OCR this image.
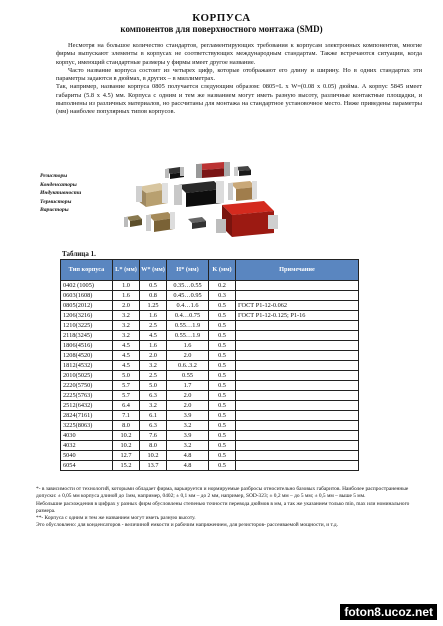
КОРПУСА
компонентов для поверхностного монтажа (SMD)

Несмотря на большое количество стандартов, регламентирующих требования к корпусам электронных компонентов, многие фирмы выпускают элементы в корпусах не соответствующих международным стандартам. Также встречаются ситуации, когда корпус, имеющий стандартные размеры у фирмы имеет другое название.

Часто название корпуса состоит из четырех цифр, которые отображают его длину и ширину. Но в одних стандартах эти параметры задаются в дюймах, в других – в миллиметрах.

Так, например, название корпуса 0805 получается следующим образом: 0805=L x W=(0.08 x 0.05) дюйма. А корпус 5845 имеет габариты (5.8 x 4.5) мм. Корпуса с одним и тем же названием могут иметь разную высоту, различные контактные площадки, и выполнены из различных материалов, но рассчитаны для монтажа на стандартное установочное место. Ниже приведены параметры (мм) наиболее популярных типов корпусов.

Резисторы
Конденсаторы
Индуктивности
Термисторы
Варисторы
Таблица 1.
Тип корпуса	L* (мм)	W* (мм)	H* (мм)	K (мм)	Примечание
0402 (1005)	1.0	0.5	0.35…0.55	0.2	
0603(1608)	1.6	0.8	0.45…0.95	0.3	
0805(2012)	2.0	1.25	0.4…1.6	0.5	ГОСТ Р1-12-0.062
1206(3216)	3.2	1.6	0.4…0.75	0.5	ГОСТ Р1-12-0.125; Р1-16
1210(3225)	3.2	2.5	0.55…1.9	0.5	
2118(3245)	3.2	4.5	0.55…1.9	0.5	
1806(4516)	4.5	1.6	1.6	0.5	
1208(4520)	4.5	2.0	2.0	0.5	
1812(4532)	4.5	3.2	0.6..3.2	0.5	
2010(5025)	5.0	2.5	0.55	0.5	
2220(5750)	5.7	5.0	1.7	0.5	
2225(5763)	5.7	6.3	2.0	0.5	
2512(6432)	6.4	3.2	2.0	0.5	
2824(7161)	7.1	6.1	3.9	0.5	
3225(8063)	8.0	6.3	3.2	0.5	
4030	10.2	7.6	3.9	0.5	
4032	10.2	8.0	3.2	0.5	
5040	12.7	10.2	4.8	0.5	
6054	15.2	13.7	4.8	0.5	
*- в зависимости от технологий, которыми обладает фирма, варьируется и нормируемые разбросы относительно базовых габаритов. Наиболее распространенные допуски: ± 0,05 мм корпуса длиной до 1мм, например, 0402; ± 0,1 мм – до 2 мм, например, SOD-323; ± 0,2 мм – до 5 мм; ± 0,5 мм – выше 5 мм.
Небольшие расхождения в цифрах у разных фирм обусловлены степенью точности перевода дюймов в мм, а так же указанием только min, max или номинального размера.
**- Корпуса с одним и тем же названием могут иметь разную высоту.
Это обусловлено: для конденсаторов - величиной емкости и рабочим напряжением, для резисторов- рассеиваемой мощности, и т.д.
foton8.ucoz.net
